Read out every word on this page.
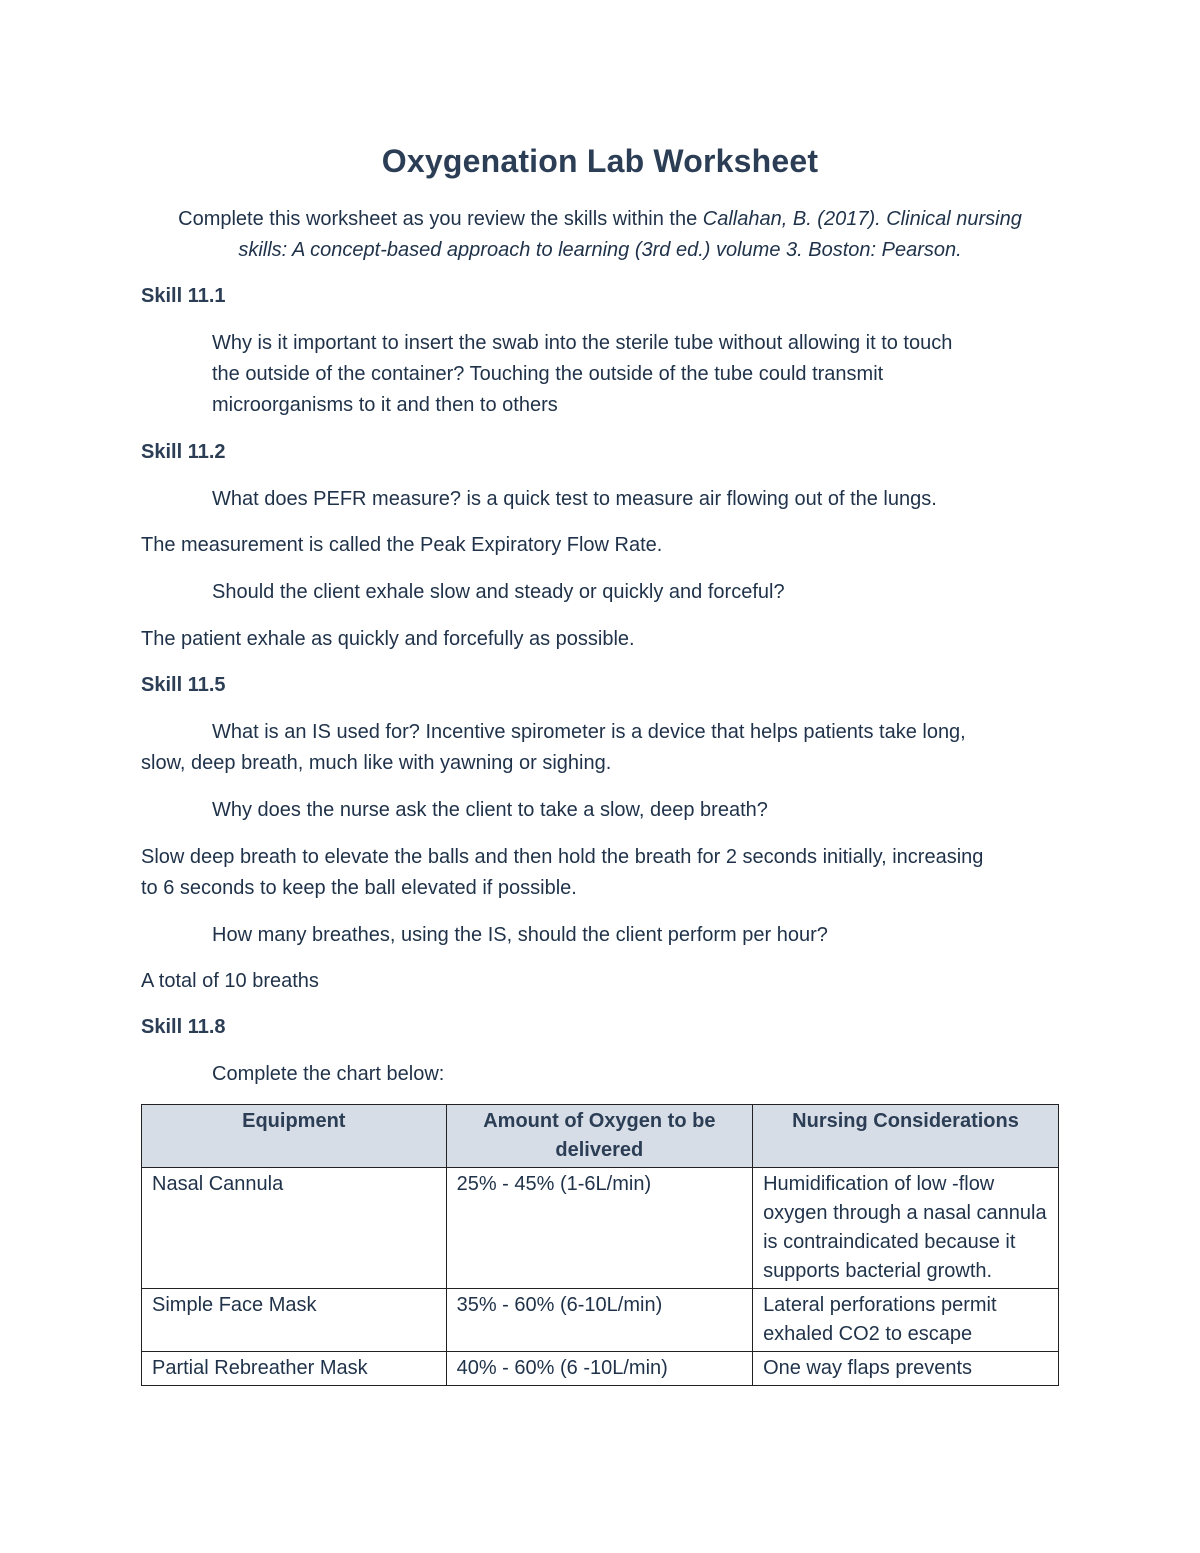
Oxygenation Lab Worksheet
Complete this worksheet as you review the skills within the Callahan, B. (2017). Clinical nursing
skills: A concept-based approach to learning (3rd ed.) volume 3. Boston: Pearson.
Skill 11.1
Why is it important to insert the swab into the sterile tube without allowing it to touch
the outside of the container? Touching the outside of the tube could transmit
microorganisms to it and then to others
Skill 11.2
What does PEFR measure? is a quick test to measure air flowing out of the lungs.
The measurement is called the Peak Expiratory Flow Rate.
Should the client exhale slow and steady or quickly and forceful?
The patient exhale as quickly and forcefully as possible.
Skill 11.5
What is an IS used for? Incentive spirometer is a device that helps patients take long,
slow, deep breath, much like with yawning or sighing.
Why does the nurse ask the client to take a slow, deep breath?
Slow deep breath to elevate the balls and then hold the breath for 2 seconds initially, increasing
to 6 seconds to keep the ball elevated if possible.
How many breathes, using the IS, should the client perform per hour?
A total of 10 breaths
Skill 11.8
Complete the chart below:
Equipment	Amount of Oxygen to be delivered	Nursing Considerations
Nasal Cannula	25% - 45% (1-6L/min)	Humidification of low -flow oxygen through a nasal cannula is contraindicated because it supports bacterial growth.
Simple Face Mask	35% - 60% (6-10L/min)	Lateral perforations permit exhaled CO2 to escape
Partial Rebreather Mask	40% - 60% (6 -10L/min)	One way flaps prevents
